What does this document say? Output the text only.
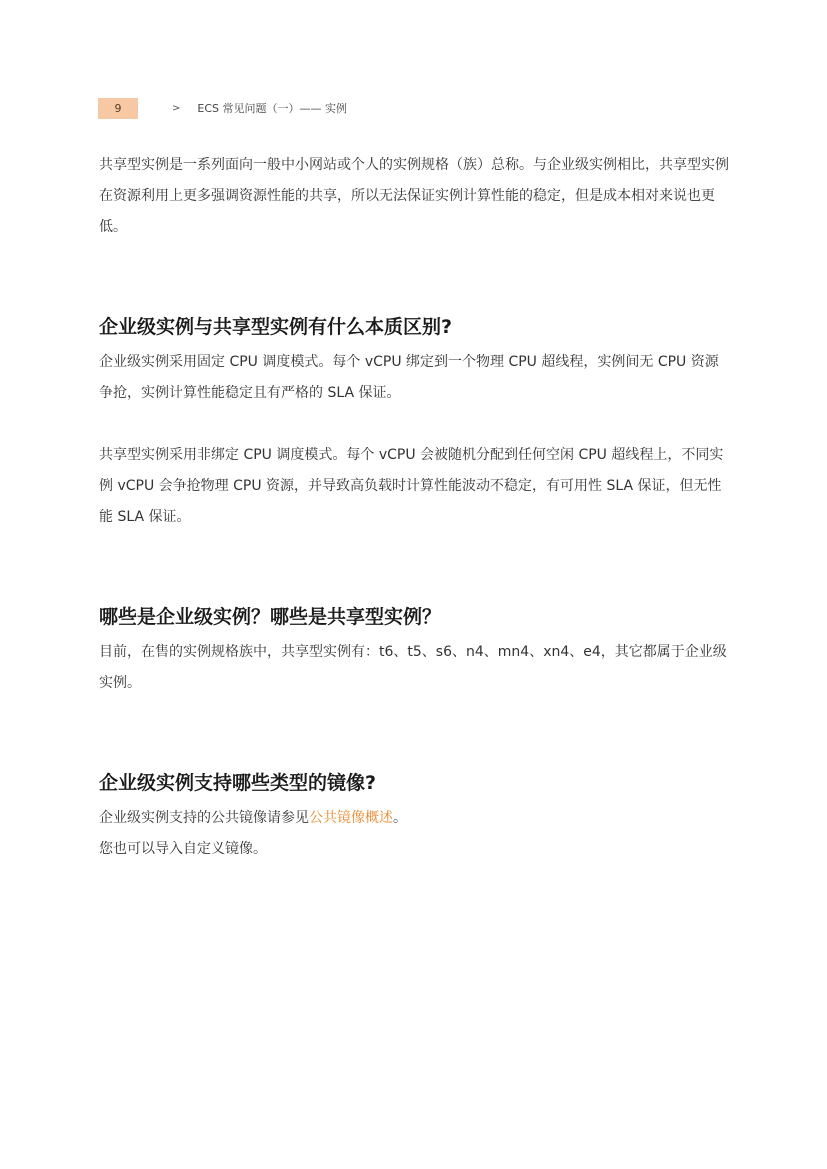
9	> ECS 常见问题（一）—— 实例

共享型实例是一系列面向一般中小网站或个人的实例规格（族）总称。与企业级实例相比，共享型实例在资源利用上更多强调资源性能的共享，所以无法保证实例计算性能的稳定，但是成本相对来说也更低。

企业级实例与共享型实例有什么本质区别?

企业级实例采用固定 CPU 调度模式。每个 vCPU 绑定到一个物理 CPU 超线程，实例间无 CPU 资源争抢，实例计算性能稳定且有严格的 SLA 保证。

共享型实例采用非绑定 CPU 调度模式。每个 vCPU 会被随机分配到任何空闲 CPU 超线程上，不同实例 vCPU 会争抢物理 CPU 资源，并导致高负载时计算性能波动不稳定，有可用性 SLA 保证，但无性能 SLA 保证。

哪些是企业级实例？哪些是共享型实例？

目前，在售的实例规格族中，共享型实例有：t6、t5、s6、n4、mn4、xn4、e4，其它都属于企业级实例。

企业级实例支持哪些类型的镜像?

企业级实例支持的公共镜像请参见公共镜像概述。

您也可以导入自定义镜像。
